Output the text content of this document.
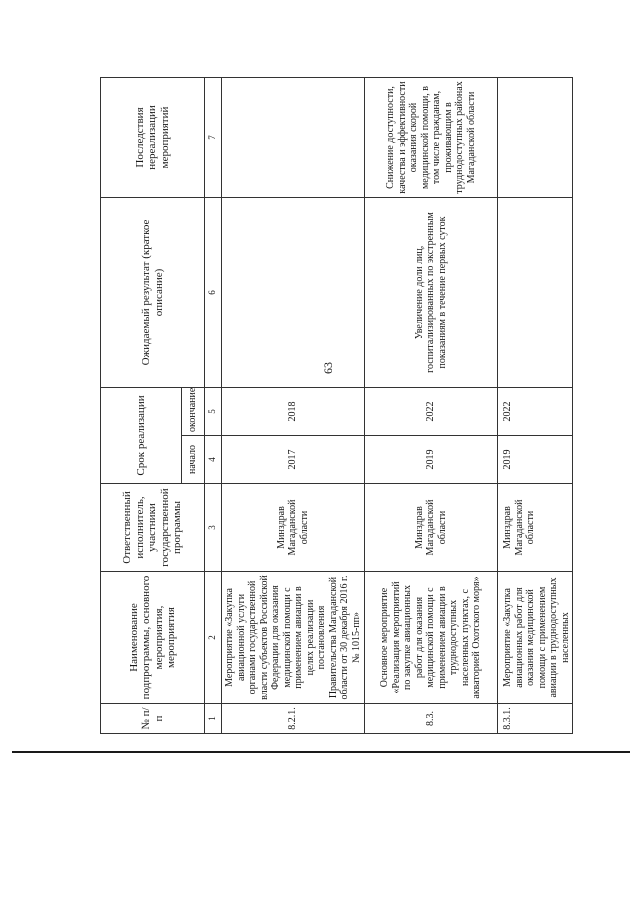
63
№ п/п	Наименование подпрограммы, основного мероприятия, мероприятия	Ответственный исполнитель, участники государственной программы	Срок реализации		Ожидаемый результат (краткое описание)	Последствия нереализации мероприятий	
			начало	окончание			
1	2	3	4	5	6	7	
8.2.1.	Мероприятие «Закупка авиационной услуги органами государственной власти субъектов Российской Федерации для оказания медицинской помощи с применением авиации в целях реализации постановления Правительства Магаданской области от 30 декабря 2016 г. № 1015-пп»	Минздрав Магаданской области	2017	2018			
8.3.	Основное мероприятие «Реализация мероприятий по закупке авиационных работ для оказания медицинской помощи с применением авиации в труднодоступных населенных пунктах, с акваторией Охотского моря»	Минздрав Магаданской области	2019	2022	Увеличение доли лиц, госпитализированных по экстренным показаниям в течение первых суток	Снижение доступности, качества и эффективности оказания скорой медицинской помощи, в том числе гражданам, проживающим в труднодоступных районах Магаданской области	
8.3.1.	Мероприятие «Закупка авиационных работ для оказания медицинской помощи с применением авиации в труднодоступных населенных	Минздрав Магаданской области	2019	2022			
